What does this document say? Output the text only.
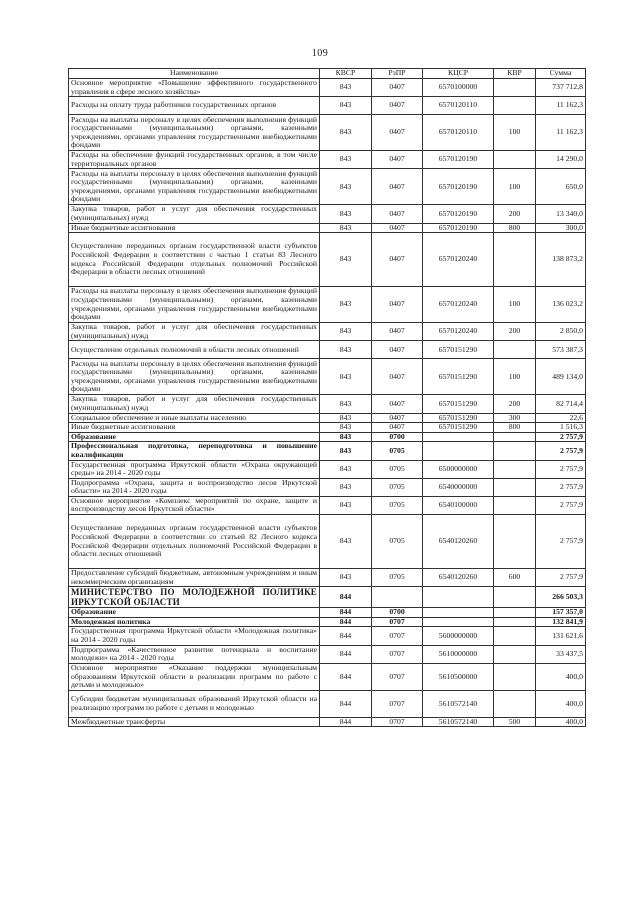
109
Наименование	КВСР	РзПР	КЦСР	КВР	Сумма
Основное мероприятие «Повышение эффективного государственного управления в сфере лесного хозяйства»	843	0407	6570100000		737 712,8
Расходы на оплату труда работников государственных органов	843	0407	6570120110		11 162,3
Расходы на выплаты персоналу в целях обеспечения выполнения функций государственными (муниципальными) органами, казенными учреждениями, органами управления государственными внебюджетными фондами	843	0407	6570120110	100	11 162,3
Расходы на обеспечение функций государственных органов, в том числе территориальных органов	843	0407	6570120190		14 290,0
Расходы на выплаты персоналу в целях обеспечения выполнения функций государственными (муниципальными) органами, казенными учреждениями, органами управления государственными внебюджетными фондами	843	0407	6570120190	100	650,0
Закупка товаров, работ и услуг для обеспечения государственных (муниципальных) нужд	843	0407	6570120190	200	13 340,0
Иные бюджетные ассигнования	843	0407	6570120190	800	300,0
Осуществление переданных органам государственной власти субъектов Российской Федерации в соответствии с частью 1 статьи 83 Лесного кодекса Российской Федерации отдельных полномочий Российской Федерации в области лесных отношений	843	0407	6570120240		138 873,2
Расходы на выплаты персоналу в целях обеспечения выполнения функций государственными (муниципальными) органами, казенными учреждениями, органами управления государственными внебюджетными фондами	843	0407	6570120240	100	136 023,2
Закупка товаров, работ и услуг для обеспечения государственных (муниципальных) нужд	843	0407	6570120240	200	2 850,0
Осуществление отдельных полномочий в области лесных отношений	843	0407	6570151290		573 387,3
Расходы на выплаты персоналу в целях обеспечения выполнения функций государственными (муниципальными) органами, казенными учреждениями, органами управления государственными внебюджетными фондами	843	0407	6570151290	100	489 134,0
Закупка товаров, работ и услуг для обеспечения государственных (муниципальных) нужд	843	0407	6570151290	200	82 714,4
Социальное обеспечение и иные выплаты населению	843	0407	6570151290	300	22,6
Иные бюджетные ассигнования	843	0407	6570151290	800	1 516,3
Образование	843	0700			2 757,9
Профессиональная подготовка, переподготовка и повышение квалификации	843	0705			2 757,9
Государственная программа Иркутской области «Охрана окружающей среды» на 2014 - 2020 годы	843	0705	6500000000		2 757,9
Подпрограмма «Охрана, защита и воспроизводство лесов Иркутской области» на 2014 - 2020 годы	843	0705	6540000000		2 757,9
Основное мероприятие «Комплекс мероприятий по охране, защите и воспроизводству лесов Иркутской области»	843	0705	6540100000		2 757,9
Осуществление переданных органам государственной власти субъектов Российской Федерации в соответствии со статьей 82 Лесного кодекса Российской Федерации отдельных полномочий Российской Федерации в области лесных отношений	843	0705	6540120260		2 757,9
Предоставление субсидий бюджетным, автономным учреждениям и иным некоммерческим организациям	843	0705	6540120260	600	2 757,9
МИНИСТЕРСТВО ПО МОЛОДЕЖНОЙ ПОЛИТИКЕ ИРКУТСКОЙ ОБЛАСТИ	844				266 503,3
Образование	844	0700			157 357,0
Молодежная политика	844	0707			132 841,9
Государственная программа Иркутской области «Молодежная политика» на 2014 - 2020 годы	844	0707	5600000000		131 621,6
Подпрограмма «Качественное развитие потенциала и воспитание молодежи» на 2014 - 2020 годы	844	0707	5610000000		33 437,5
Основное мероприятие «Оказание поддержки муниципальным образованиям Иркутской области в реализации программ по работе с детьми и молодежью»	844	0707	5610500000		400,0
Субсидии бюджетам муниципальных образований Иркутской области на реализацию программ по работе с детьми и молодежью	844	0707	5610572140		400,0
Межбюджетные трансферты	844	0707	5610572140	500	400,0
